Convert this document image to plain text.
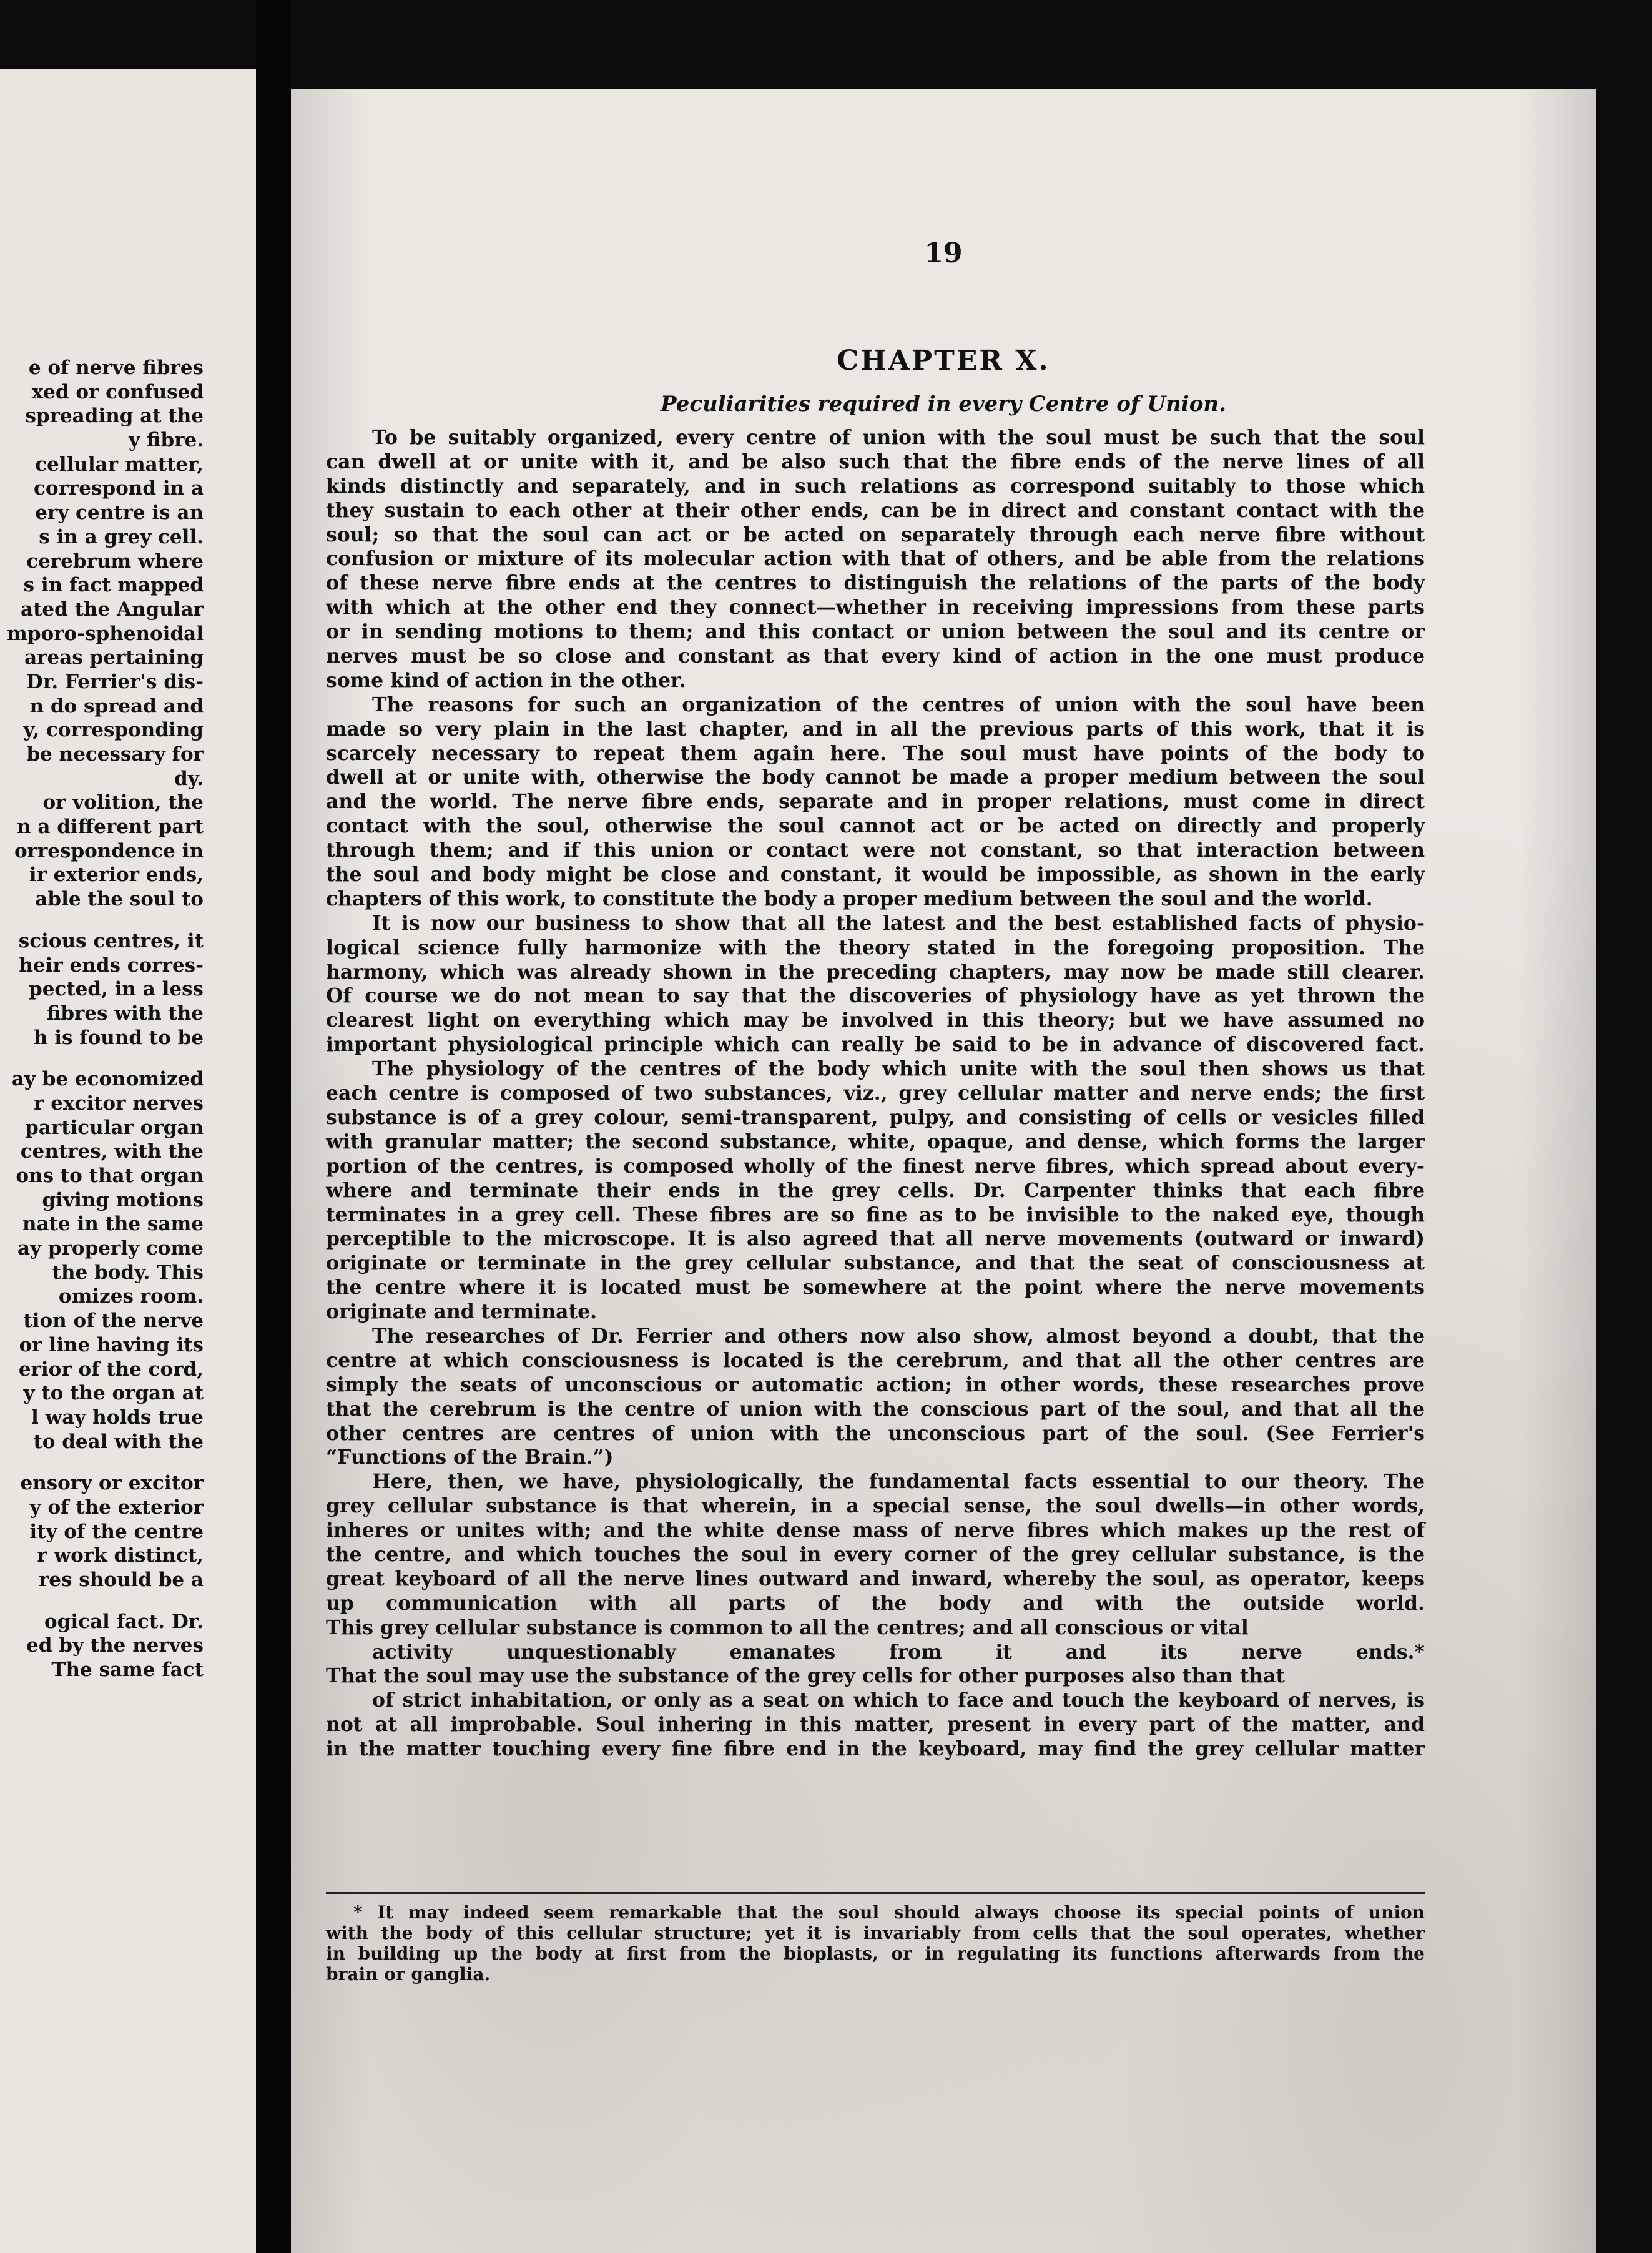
e of nerve fibres
xed or confused
spreading at the
y fibre.
cellular matter,
correspond in a
ery centre is an
s in a grey cell.
cerebrum where
s in fact mapped
ated the Angular
mporo-sphenoidal
areas pertaining
Dr. Ferrier's dis-
n do spread and
y, corresponding
be necessary for
dy.
or volition, the
n a different part
orrespondence in
ir exterior ends,
able the soul to
scious centres, it
heir ends corres-
pected, in a less
fibres with the
h is found to be
ay be economized
r excitor nerves
particular organ
centres, with the
ons to that organ
giving motions
nate in the same
ay properly come
the body. This
omizes room.
tion of the nerve
or line having its
erior of the cord,
y to the organ at
l way holds true
to deal with the
ensory or excitor
y of the exterior
ity of the centre
r work distinct,
res should be a
ogical fact. Dr.
ed by the nerves
The same fact
19
CHAPTER X.
Peculiarities required in every Centre of Union.
To be suitably organized, every centre of union with the soul must be such that the soul
can dwell at or unite with it, and be also such that the fibre ends of the nerve lines of all
kinds distinctly and separately, and in such relations as correspond suitably to those which
they sustain to each other at their other ends, can be in direct and constant contact with the
soul; so that the soul can act or be acted on separately through each nerve fibre without
confusion or mixture of its molecular action with that of others, and be able from the relations
of these nerve fibre ends at the centres to distinguish the relations of the parts of the body
with which at the other end they connect—whether in receiving impressions from these parts
or in sending motions to them; and this contact or union between the soul and its centre or
nerves must be so close and constant as that every kind of action in the one must produce
some kind of action in the other.
The reasons for such an organization of the centres of union with the soul have been
made so very plain in the last chapter, and in all the previous parts of this work, that it is
scarcely necessary to repeat them again here. The soul must have points of the body to
dwell at or unite with, otherwise the body cannot be made a proper medium between the soul
and the world. The nerve fibre ends, separate and in proper relations, must come in direct
contact with the soul, otherwise the soul cannot act or be acted on directly and properly
through them; and if this union or contact were not constant, so that interaction between
the soul and body might be close and constant, it would be impossible, as shown in the early
chapters of this work, to constitute the body a proper medium between the soul and the world.
It is now our business to show that all the latest and the best established facts of physio-
logical science fully harmonize with the theory stated in the foregoing proposition. The
harmony, which was already shown in the preceding chapters, may now be made still clearer.
Of course we do not mean to say that the discoveries of physiology have as yet thrown the
clearest light on everything which may be involved in this theory; but we have assumed no
important physiological principle which can really be said to be in advance of discovered fact.
The physiology of the centres of the body which unite with the soul then shows us that
each centre is composed of two substances, viz., grey cellular matter and nerve ends; the first
substance is of a grey colour, semi-transparent, pulpy, and consisting of cells or vesicles filled
with granular matter; the second substance, white, opaque, and dense, which forms the larger
portion of the centres, is composed wholly of the finest nerve fibres, which spread about every-
where and terminate their ends in the grey cells. Dr. Carpenter thinks that each fibre
terminates in a grey cell. These fibres are so fine as to be invisible to the naked eye, though
perceptible to the microscope. It is also agreed that all nerve movements (outward or inward)
originate or terminate in the grey cellular substance, and that the seat of consciousness at
the centre where it is located must be somewhere at the point where the nerve movements
originate and terminate.
The researches of Dr. Ferrier and others now also show, almost beyond a doubt, that the
centre at which consciousness is located is the cerebrum, and that all the other centres are
simply the seats of unconscious or automatic action; in other words, these researches prove
that the cerebrum is the centre of union with the conscious part of the soul, and that all the
other centres are centres of union with the unconscious part of the soul. (See Ferrier's
“Functions of the Brain.”)
Here, then, we have, physiologically, the fundamental facts essential to our theory. The
grey cellular substance is that wherein, in a special sense, the soul dwells—in other words,
inheres or unites with; and the white dense mass of nerve fibres which makes up the rest of
the centre, and which touches the soul in every corner of the grey cellular substance, is the
great keyboard of all the nerve lines outward and inward, whereby the soul, as operator, keeps
up communication with all parts of the body and with the outside world.
This grey cellular substance is common to all the centres; and all conscious or vital
activity unquestionably emanates from it and its nerve ends.*
That the soul may use the substance of the grey cells for other purposes also than that
of strict inhabitation, or only as a seat on which to face and touch the keyboard of nerves, is
not at all improbable. Soul inhering in this matter, present in every part of the matter, and
in the matter touching every fine fibre end in the keyboard, may find the grey cellular matter
* It may indeed seem remarkable that the soul should always choose its special points of union
with the body of this cellular structure; yet it is invariably from cells that the soul operates, whether
in building up the body at first from the bioplasts, or in regulating its functions afterwards from the
brain or ganglia.
